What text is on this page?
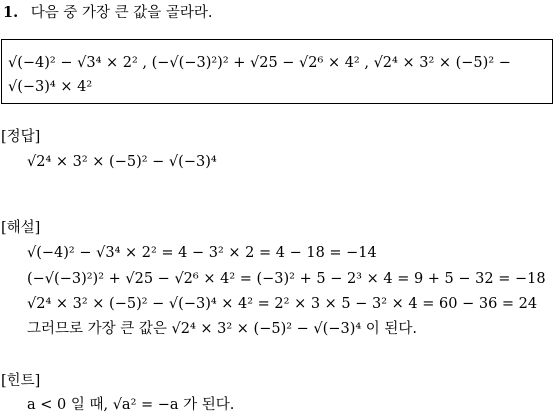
1. 다음 중 가장 큰 값을 골라라.
√(−4)² − √3⁴ × 2² , (−√(−3)²)² + √25 − √2⁶ × 4² , √2⁴ × 3² × (−5)² −
√(−3)⁴ × 4²
[정답]
√2⁴ × 3² × (−5)² − √(−3)⁴
[해설]
√(−4)² − √3⁴ × 2² = 4 − 3² × 2 = 4 − 18 = −14
(−√(−3)²)² + √25 − √2⁶ × 4² = (−3)² + 5 − 2³ × 4 = 9 + 5 − 32 = −18
√2⁴ × 3² × (−5)² − √(−3)⁴ × 4² = 2² × 3 × 5 − 3² × 4 = 60 − 36 = 24
그러므로 가장 큰 값은 √2⁴ × 3² × (−5)² − √(−3)⁴ 이 된다.
[힌트]
a < 0 일 때, √a² = −a 가 된다.
